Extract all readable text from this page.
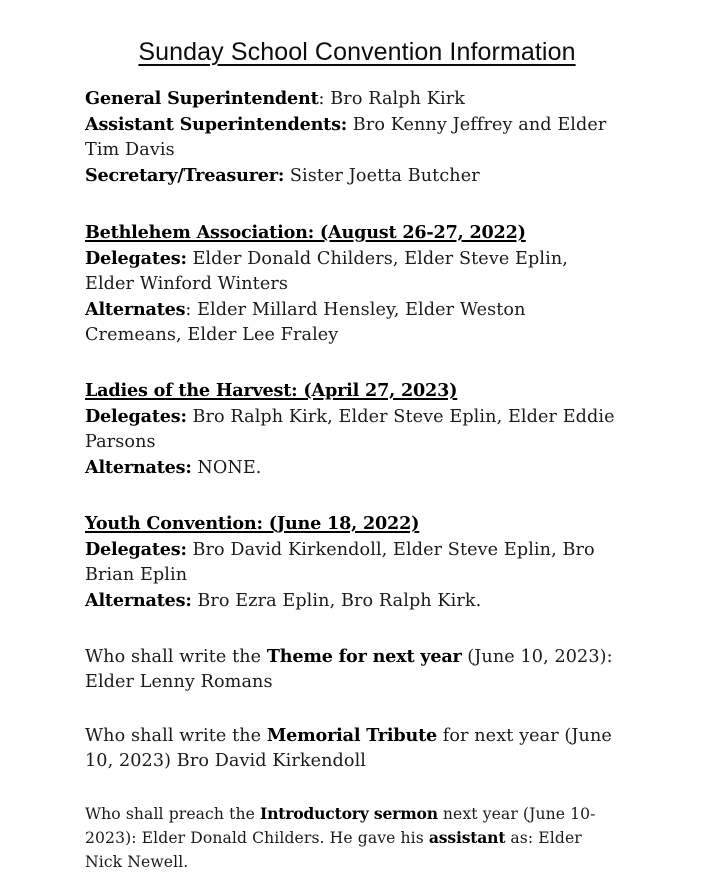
Sunday School Convention Information
General Superintendent: Bro Ralph Kirk
Assistant Superintendents: Bro Kenny Jeffrey and Elder Tim Davis
Secretary/Treasurer: Sister Joetta Butcher
Bethlehem Association: (August 26-27, 2022)
Delegates: Elder Donald Childers, Elder Steve Eplin, Elder Winford Winters
Alternates: Elder Millard Hensley, Elder Weston Cremeans, Elder Lee Fraley
Ladies of the Harvest: (April 27, 2023)
Delegates: Bro Ralph Kirk, Elder Steve Eplin, Elder Eddie Parsons
Alternates: NONE.
Youth Convention: (June 18, 2022)
Delegates: Bro David Kirkendoll, Elder Steve Eplin, Bro Brian Eplin
Alternates: Bro Ezra Eplin, Bro Ralph Kirk.
Who shall write the Theme for next year (June 10, 2023): Elder Lenny Romans
Who shall write the Memorial Tribute for next year (June 10, 2023) Bro David Kirkendoll
Who shall preach the Introductory sermon next year (June 10-2023): Elder Donald Childers. He gave his assistant as: Elder Nick Newell.
